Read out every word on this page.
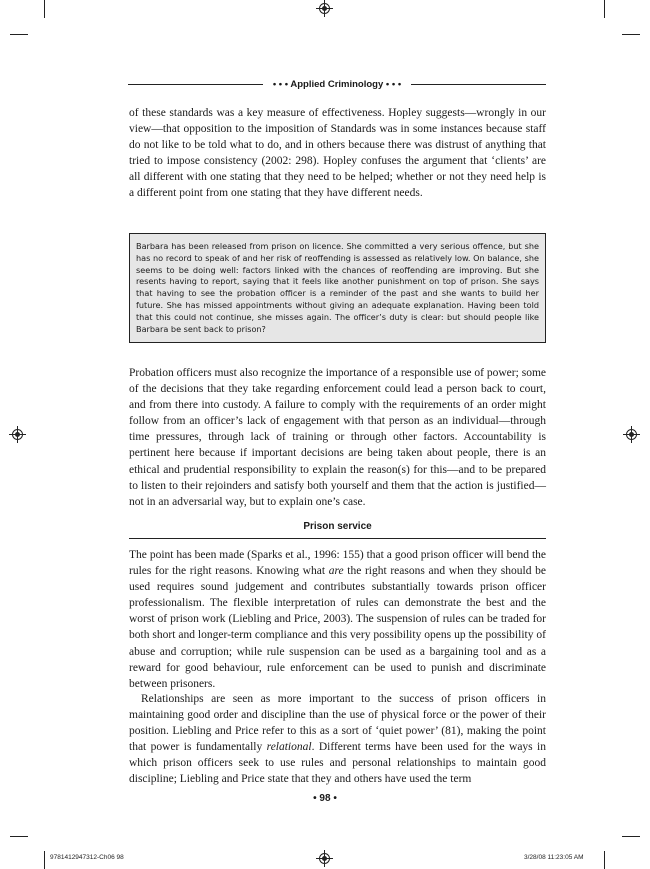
• • • Applied Criminology • • •

of these standards was a key measure of effectiveness. Hopley suggests—wrongly in our view—that opposition to the imposition of Standards was in some instances because staff do not like to be told what to do, and in others because there was distrust of anything that tried to impose consistency (2002: 298). Hopley confuses the argument that ‘clients’ are all different with one stating that they need to be helped; whether or not they need help is a different point from one stating that they have different needs.

Barbara has been released from prison on licence. She committed a very serious offence, but she has no record to speak of and her risk of reoffending is assessed as relatively low. On balance, she seems to be doing well: factors linked with the chances of reoffending are improving. But she resents having to report, saying that it feels like another punishment on top of prison. She says that having to see the probation officer is a reminder of the past and she wants to build her future. She has missed appointments without giving an adequate explanation. Having been told that this could not continue, she misses again. The officer’s duty is clear: but should people like Barbara be sent back to prison?

Probation officers must also recognize the importance of a responsible use of power; some of the decisions that they take regarding enforcement could lead a person back to court, and from there into custody. A failure to comply with the requirements of an order might follow from an officer’s lack of engagement with that person as an individual—through time pressures, through lack of training or through other factors. Accountability is pertinent here because if important decisions are being taken about people, there is an ethical and prudential responsibility to explain the reason(s) for this—and to be prepared to listen to their rejoinders and satisfy both yourself and them that the action is justified—not in an adversarial way, but to explain one’s case.

Prison service

The point has been made (Sparks et al., 1996: 155) that a good prison officer will bend the rules for the right reasons. Knowing what are the right reasons and when they should be used requires sound judgement and contributes substantially towards prison officer professionalism. The flexible interpretation of rules can demonstrate the best and the worst of prison work (Liebling and Price, 2003). The suspension of rules can be traded for both short and longer-term compliance and this very possibility opens up the possibility of abuse and corruption; while rule suspension can be used as a bargaining tool and as a reward for good behaviour, rule enforcement can be used to punish and discriminate between prisoners.

Relationships are seen as more important to the success of prison officers in maintaining good order and discipline than the use of physical force or the power of their position. Liebling and Price refer to this as a sort of ‘quiet power’ (81), making the point that power is fundamentally relational. Different terms have been used for the ways in which prison officers seek to use rules and personal relationships to maintain good discipline; Liebling and Price state that they and others have used the term

• 98 •
9781412947312-Ch06 98	3/28/08 11:23:05 AM
